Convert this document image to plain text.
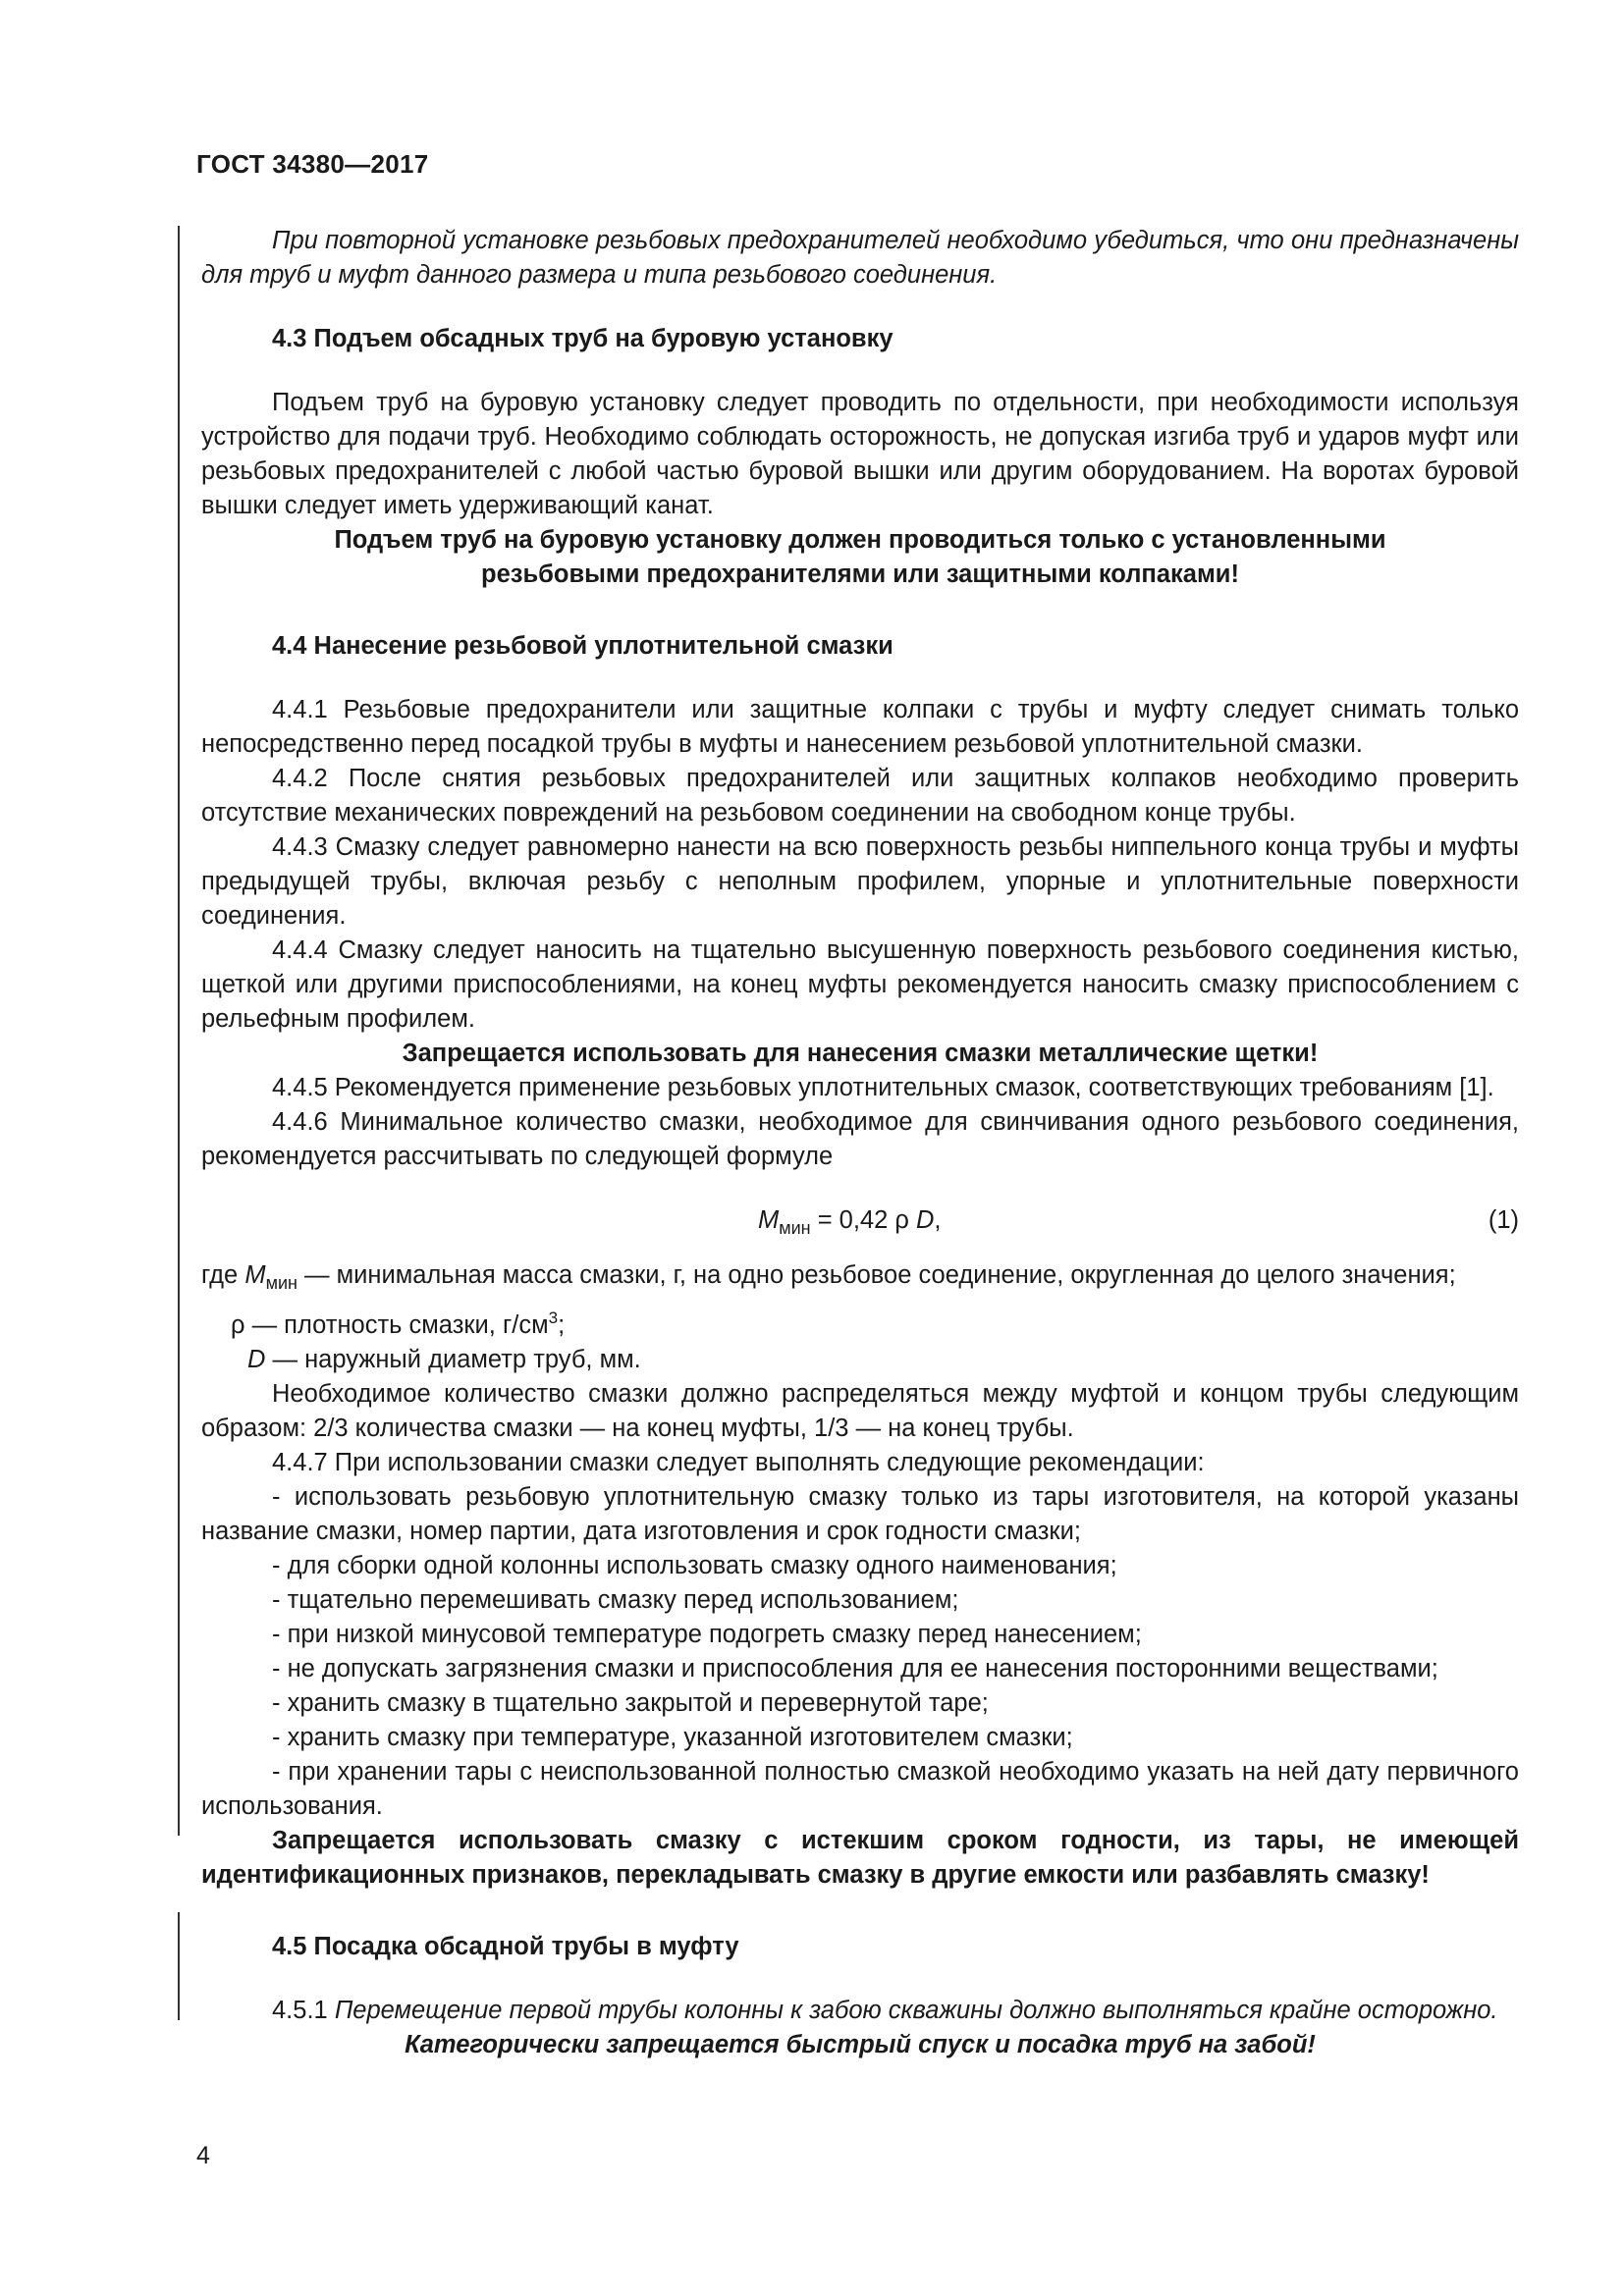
ГОСТ 34380—2017

При повторной установке резьбовых предохранителей необходимо убедиться, что они предназначены для труб и муфт данного размера и типа резьбового соединения.

4.3 Подъем обсадных труб на буровую установку

Подъем труб на буровую установку следует проводить по отдельности, при необходимости используя устройство для подачи труб. Необходимо соблюдать осторожность, не допуская изгиба труб и ударов муфт или резьбовых предохранителей с любой частью буровой вышки или другим оборудованием. На воротах буровой вышки следует иметь удерживающий канат.

Подъем труб на буровую установку должен проводиться только с установленными

резьбовыми предохранителями или защитными колпаками!

4.4 Нанесение резьбовой уплотнительной смазки

4.4.1 Резьбовые предохранители или защитные колпаки с трубы и муфту следует снимать только непосредственно перед посадкой трубы в муфты и нанесением резьбовой уплотнительной смазки.

4.4.2 После снятия резьбовых предохранителей или защитных колпаков необходимо проверить отсутствие механических повреждений на резьбовом соединении на свободном конце трубы.

4.4.3 Смазку следует равномерно нанести на всю поверхность резьбы ниппельного конца трубы и муфты предыдущей трубы, включая резьбу с неполным профилем, упорные и уплотнительные поверхности соединения.

4.4.4 Смазку следует наносить на тщательно высушенную поверхность резьбового соединения кистью, щеткой или другими приспособлениями, на конец муфты рекомендуется наносить смазку приспособлением с рельефным профилем.

Запрещается использовать для нанесения смазки металлические щетки!

4.4.5 Рекомендуется применение резьбовых уплотнительных смазок, соответствующих требованиям [1].

4.4.6 Минимальное количество смазки, необходимое для свинчивания одного резьбового соединения, рекомендуется рассчитывать по следующей формуле

$M_{мин} = 0,42$ ρ D,	(1)

где $M_{мин}$ — минимальная масса смазки, г, на одно резьбовое соединение, округленная до целого значения;

ρ — плотность смазки, $г/см^3$;

D — наружный диаметр труб, мм.

Необходимое количество смазки должно распределяться между муфтой и концом трубы следующим образом: 2/3 количества смазки — на конец муфты, 1/3 — на конец трубы.

4.4.7 При использовании смазки следует выполнять следующие рекомендации:

- использовать резьбовую уплотнительную смазку только из тары изготовителя, на которой указаны название смазки, номер партии, дата изготовления и срок годности смазки;

- для сборки одной колонны использовать смазку одного наименования;

- тщательно перемешивать смазку перед использованием;

- при низкой минусовой температуре подогреть смазку перед нанесением;

- не допускать загрязнения смазки и приспособления для ее нанесения посторонними веществами;

- хранить смазку в тщательно закрытой и перевернутой таре;

- хранить смазку при температуре, указанной изготовителем смазки;

- при хранении тары с неиспользованной полностью смазкой необходимо указать на ней дату первичного использования.

Запрещается использовать смазку с истекшим сроком годности, из тары, не имеющей идентификационных признаков, перекладывать смазку в другие емкости или разбавлять смазку!

4.5 Посадка обсадной трубы в муфту

4.5.1 Перемещение первой трубы колонны к забою скважины должно выполняться крайне осторожно.

Категорически запрещается быстрый спуск и посадка труб на забой!

4
